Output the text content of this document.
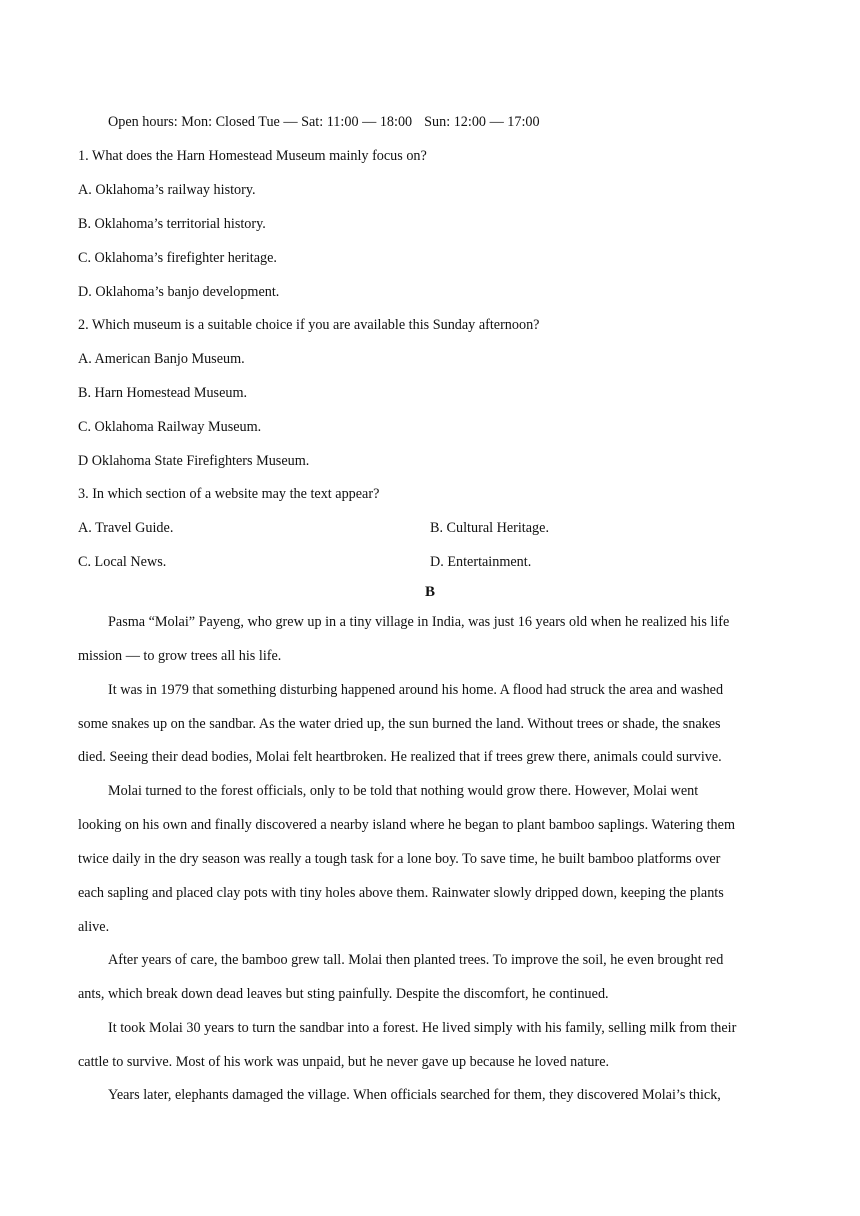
Open hours: Mon: Closed Tue — Sat: 11:00 — 18:00 Sun: 12:00 — 17:00
1. What does the Harn Homestead Museum mainly focus on?
A. Oklahoma’s railway history.
B. Oklahoma’s territorial history.
C. Oklahoma’s firefighter heritage.
D. Oklahoma’s banjo development.
2. Which museum is a suitable choice if you are available this Sunday afternoon?
A. American Banjo Museum.
B. Harn Homestead Museum.
C. Oklahoma Railway Museum.
D Oklahoma State Firefighters Museum.
3. In which section of a website may the text appear?
A. Travel Guide.	B. Cultural Heritage.
C. Local News.	D. Entertainment.
B
Pasma “Molai” Payeng, who grew up in a tiny village in India, was just 16 years old when he realized his life
mission — to grow trees all his life.
It was in 1979 that something disturbing happened around his home. A flood had struck the area and washed
some snakes up on the sandbar. As the water dried up, the sun burned the land. Without trees or shade, the snakes
died. Seeing their dead bodies, Molai felt heartbroken. He realized that if trees grew there, animals could survive.
Molai turned to the forest officials, only to be told that nothing would grow there. However, Molai went
looking on his own and finally discovered a nearby island where he began to plant bamboo saplings. Watering them
twice daily in the dry season was really a tough task for a lone boy. To save time, he built bamboo platforms over
each sapling and placed clay pots with tiny holes above them. Rainwater slowly dripped down, keeping the plants
alive.
After years of care, the bamboo grew tall. Molai then planted trees. To improve the soil, he even brought red
ants, which break down dead leaves but sting painfully. Despite the discomfort, he continued.
It took Molai 30 years to turn the sandbar into a forest. He lived simply with his family, selling milk from their
cattle to survive. Most of his work was unpaid, but he never gave up because he loved nature.
Years later, elephants damaged the village. When officials searched for them, they discovered Molai’s thick,
